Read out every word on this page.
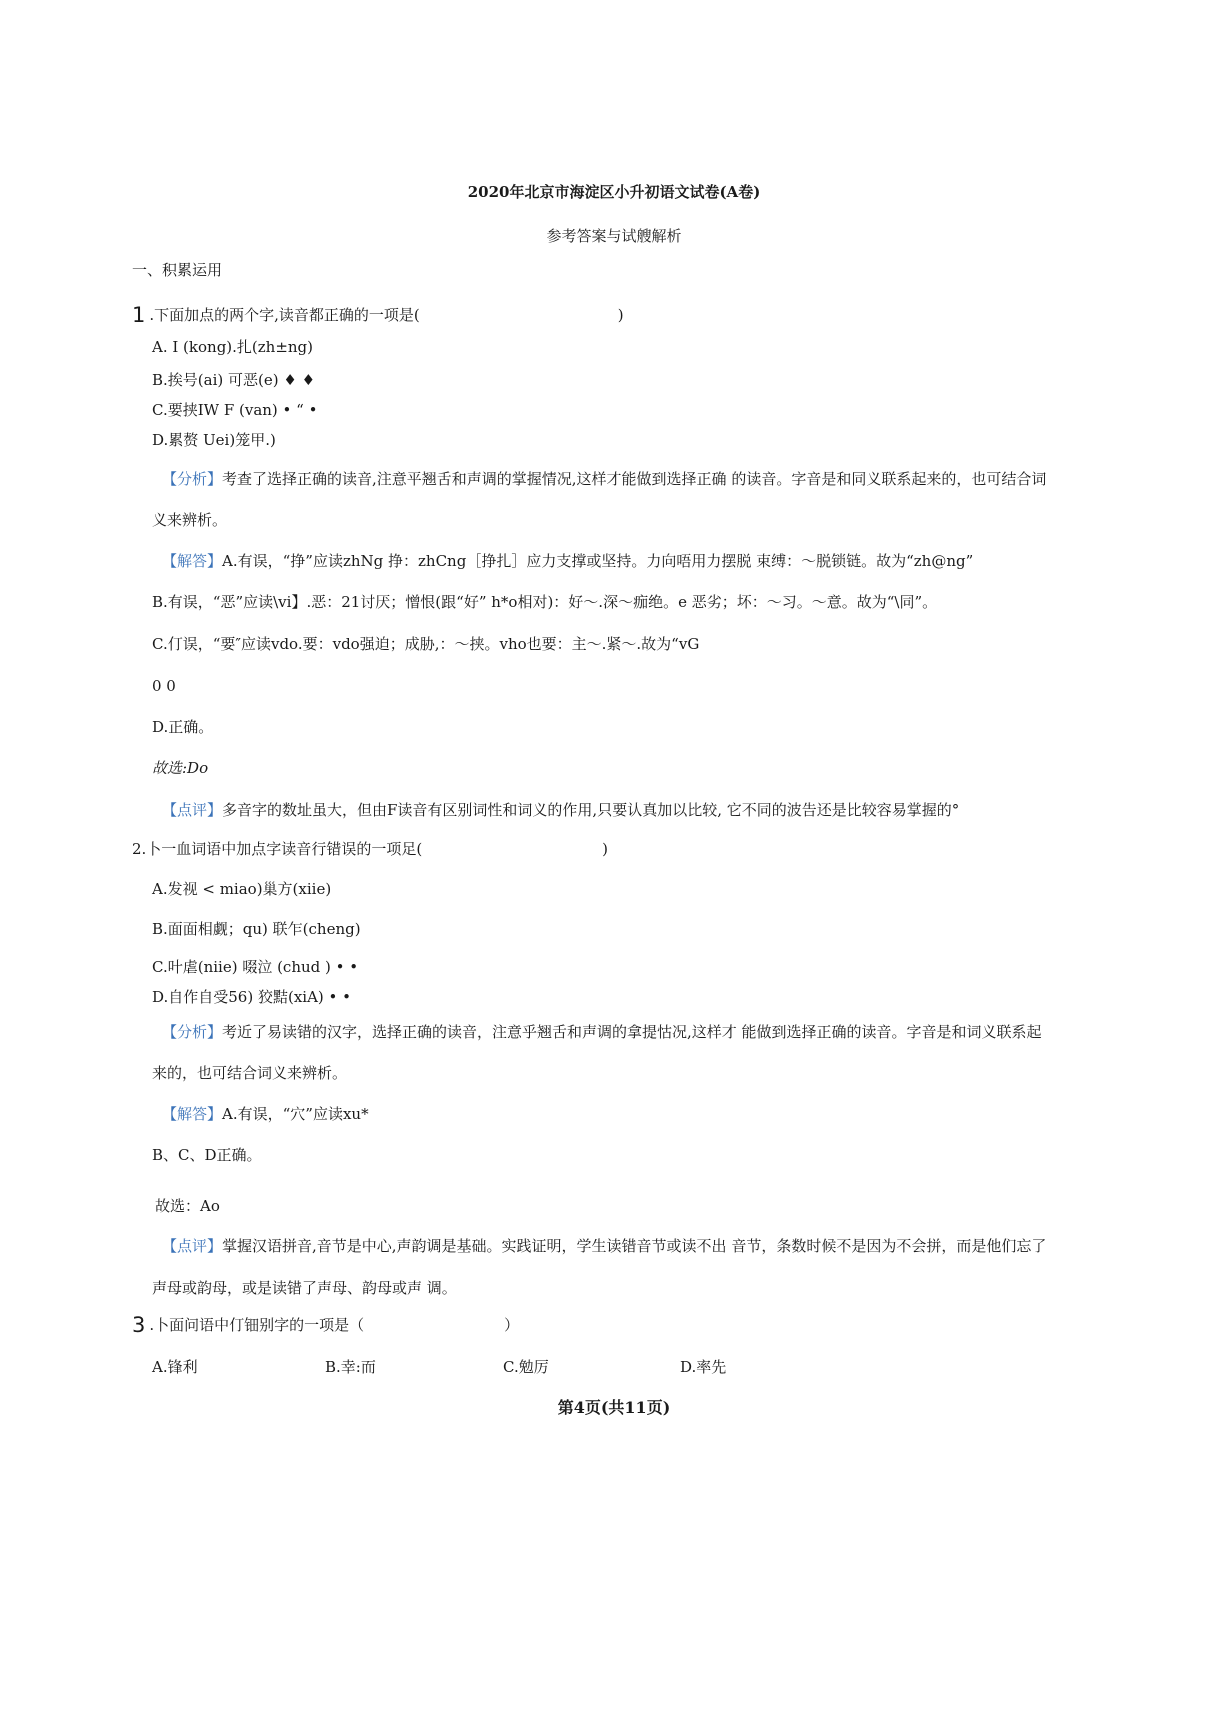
2020年北京市海淀区小升初语文试卷(A卷)
参考答案与试艘解析
一、积累运用
1 .下面加点的两个字,读音都正确的一项是(	)
A. I (kong).扎(zh±ng)
B.挨号(ai) 可恶(e) ♦ ♦
C.要挟IW F (van) • “ •
D.累赘 Uei)笼甲.)
【分析】考查了选择正确的读音,注意平翘舌和声调的掌握情况,这样才能做到选择正确 的读音。字音是和同义联系起来的，也可结合词
义来辨析。
【解答】A.有误，“挣”应读zhNg 挣：zhCng［挣扎］应力支撑或坚持。力向唔用力摆脱 束缚：～脱锁链。故为“zh@ng”
B.有误，“恶”应读\vi】.恶：21讨厌；憎恨(跟“好” h*o相对)：好～.深～痂绝。e 恶劣；坏：～习。～意。故为“\同”。
C.仃误，“要″应读vdo.要：vdo强迫；成胁,：～挟。vho也要：主～.紧～.故为“vG
0 0
D.正确。
故选:Do
【点评】多音字的数址虽大，但由F读音有区别词性和词义的作用,只要认真加以比较, 它不同的波告还是比较容易掌握的°
2.卜一血词语中加点字读音行错误的一项足(	)
A.发视 < miao)巢方(xiie)
B.面面相觑；qu) 联乍(cheng)
C.叶虐(niie) 啜泣 (chud ) • •
D.自作自受56) 狡黠(xiA) • •
【分析】考近了易读错的汉字，选择正确的读音，注意乎翘舌和声调的拿提怙况,这样才 能做到选择正确的读音。字音是和词义联系起
来的，也可结合词义来辨析。
【解答】A.有误，“穴”应读xu*
B、C、D正确。
故选：Ao
【点评】掌握汉语拼音,音节是中心,声韵调是基础。实践证明，学生读错音节或读不出 音节，条数时候不是因为不会拼，而是他们忘了
声母或韵母，或是读错了声母、韵母或声 调。
3 .卜面问语中仃钿别字的一项是（	）
A.锋利	B.幸:而	C.勉厉	D.率先
第4页(共11页)
